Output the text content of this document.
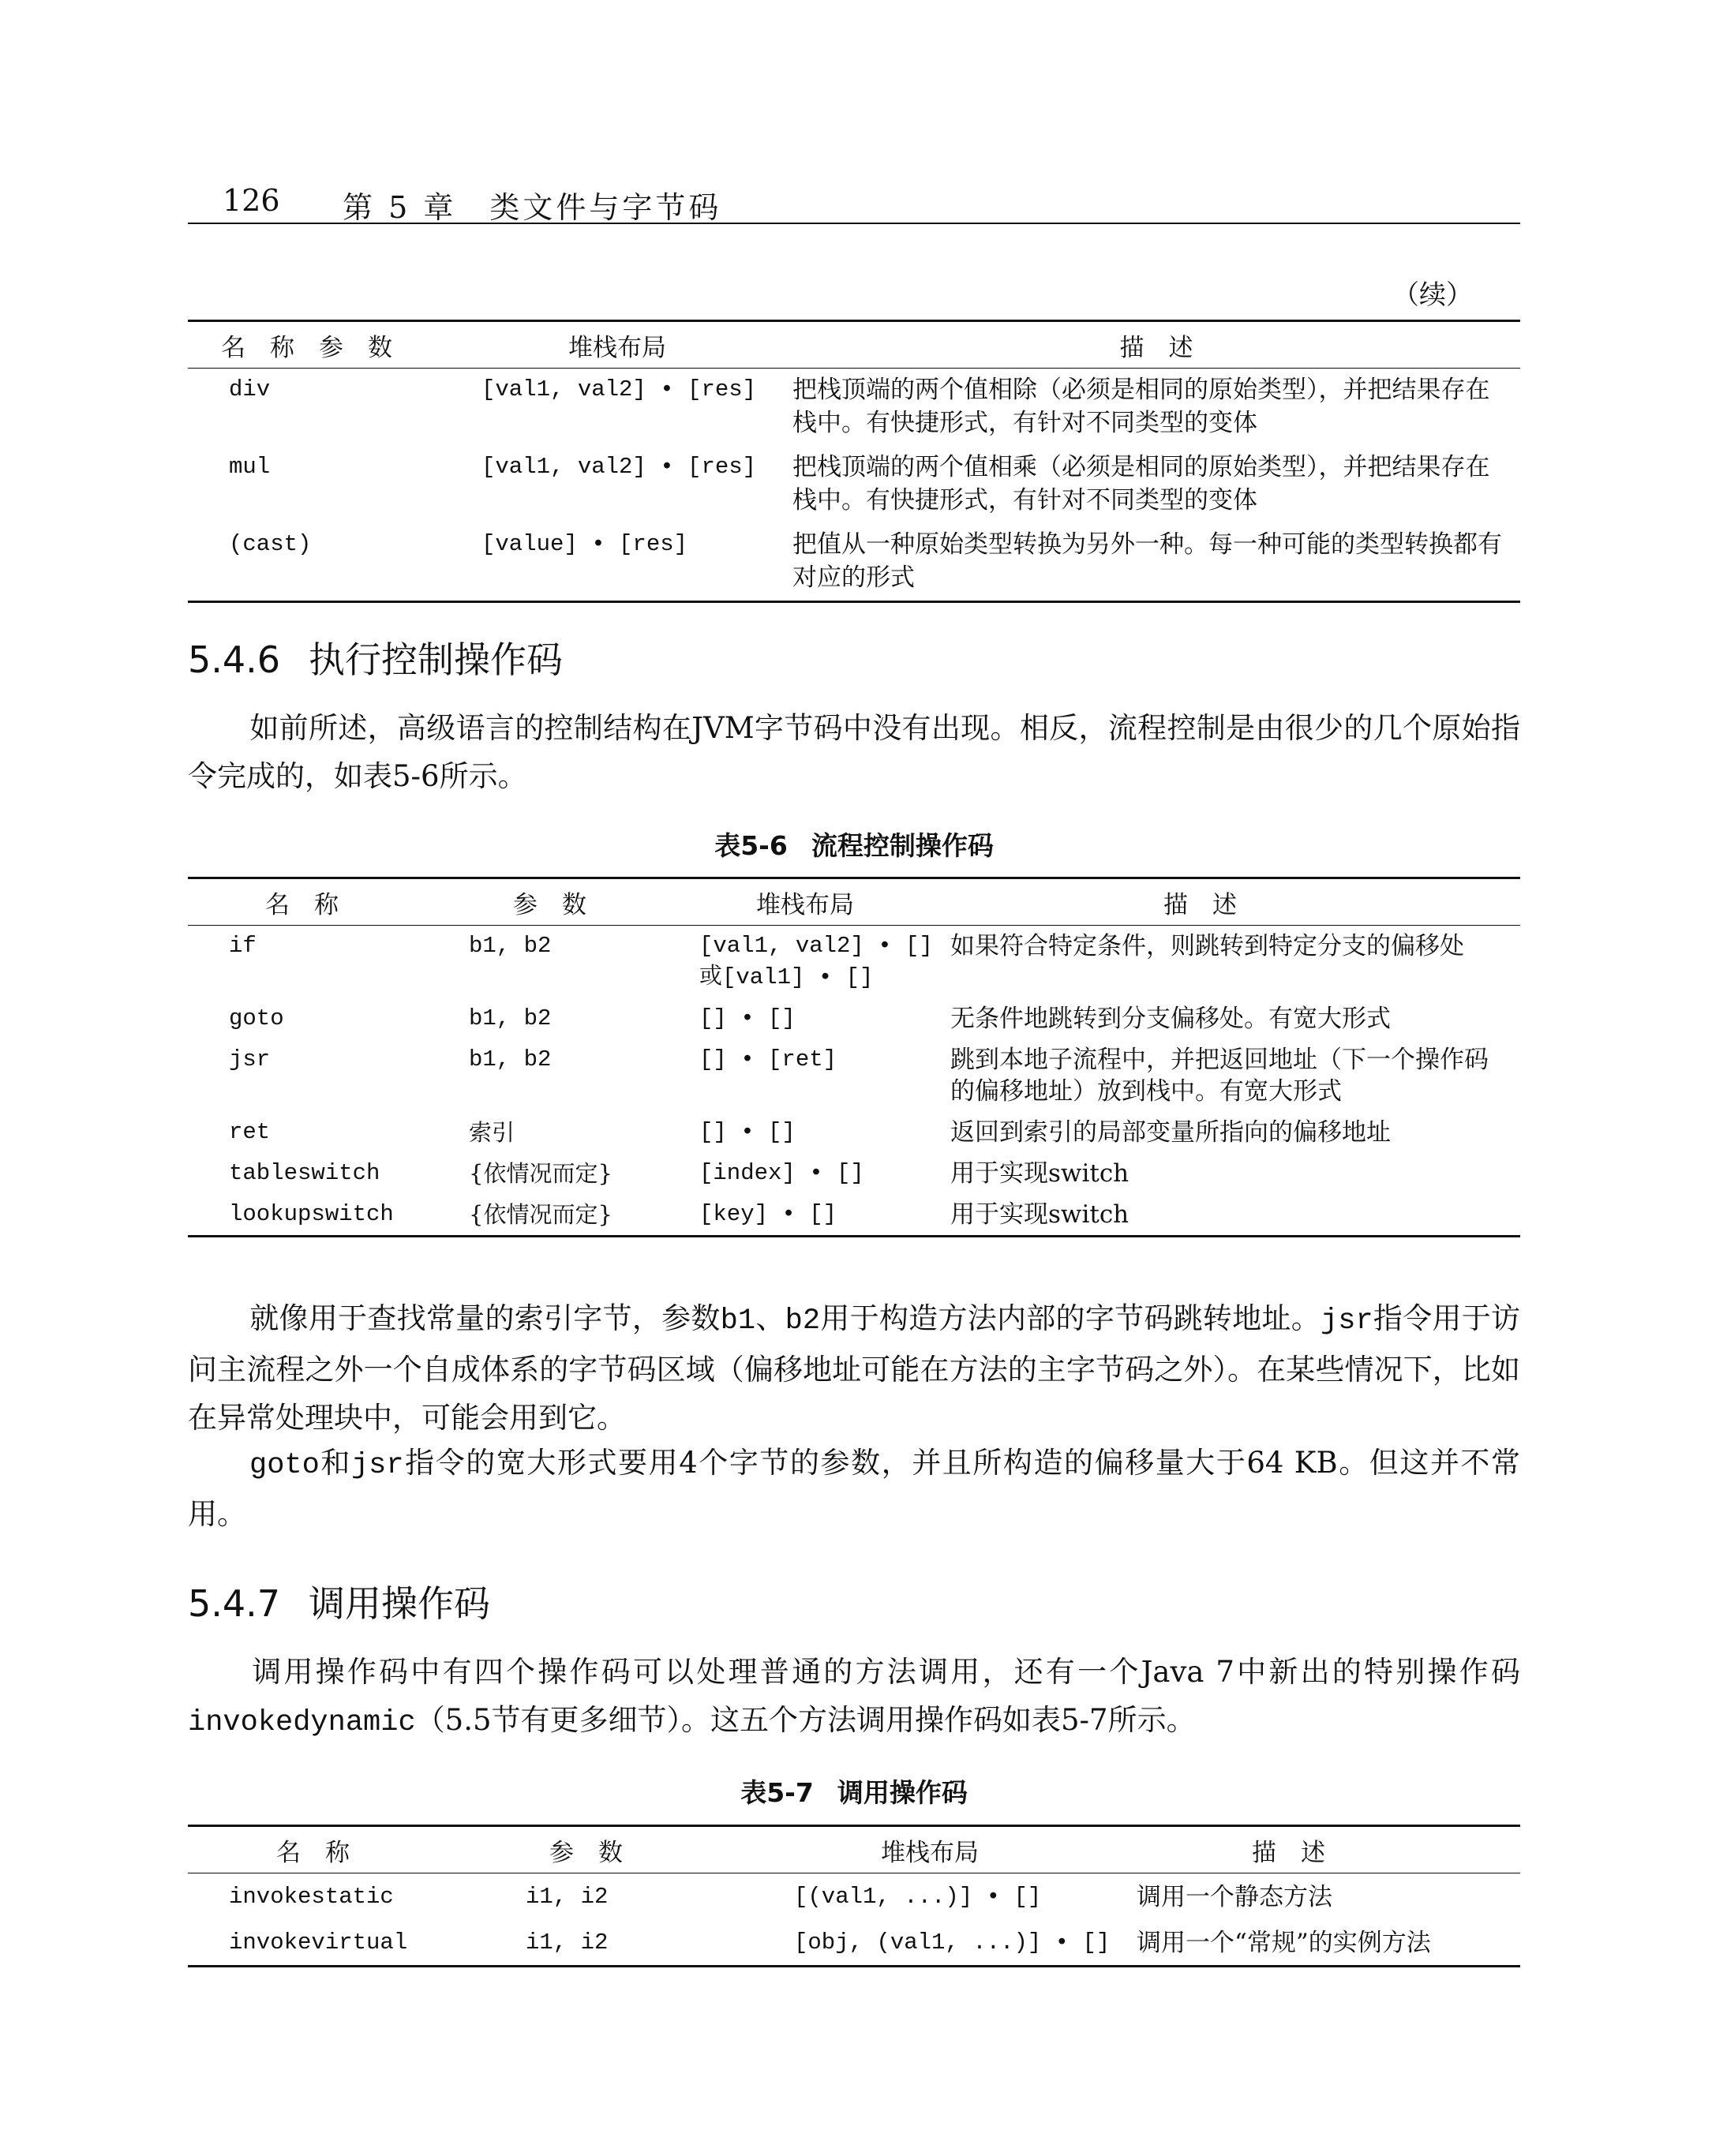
126 第 5 章　类文件与字节码
（续）
名　称　参　数	堆栈布局	描　述
div	[val1, val2] • [res]	把栈顶端的两个值相除（必须是相同的原始类型），并把结果存在栈中。有快捷形式，有针对不同类型的变体
mul	[val1, val2] • [res]	把栈顶端的两个值相乘（必须是相同的原始类型），并把结果存在栈中。有快捷形式，有针对不同类型的变体
(cast)	[value] • [res]	把值从一种原始类型转换为另外一种。每一种可能的类型转换都有对应的形式
5.4.6 执行控制操作码
如前所述，高级语言的控制结构在JVM字节码中没有出现。相反，流程控制是由很少的几个原始指令完成的，如表5-6所示。
表5-6 流程控制操作码
名　称	参　数	堆栈布局	描　述
if	b1, b2	[val1, val2] • []或[val1] • []	如果符合特定条件，则跳转到特定分支的偏移处
goto	b1, b2	[] • []	无条件地跳转到分支偏移处。有宽大形式
jsr	b1, b2	[] • [ret]	跳到本地子流程中，并把返回地址（下一个操作码的偏移地址）放到栈中。有宽大形式
ret	索引	[] • []	返回到索引的局部变量所指向的偏移地址
tableswitch	{依情况而定}	[index] • []	用于实现switch
lookupswitch	{依情况而定}	[key] • []	用于实现switch
就像用于查找常量的索引字节，参数b1、b2用于构造方法内部的字节码跳转地址。jsr指令用于访问主流程之外一个自成体系的字节码区域（偏移地址可能在方法的主字节码之外）。在某些情况下，比如在异常处理块中，可能会用到它。
goto和jsr指令的宽大形式要用4个字节的参数，并且所构造的偏移量大于64 KB。但这并不常用。
5.4.7 调用操作码
调用操作码中有四个操作码可以处理普通的方法调用，还有一个Java 7中新出的特别操作码invokedynamic（5.5节有更多细节）。这五个方法调用操作码如表5-7所示。
表5-7 调用操作码
名　称	参　数	堆栈布局	描　述
invokestatic	i1, i2	[(val1, ...)] • []	调用一个静态方法
invokevirtual	i1, i2	[obj, (val1, ...)] • []	调用一个“常规”的实例方法
